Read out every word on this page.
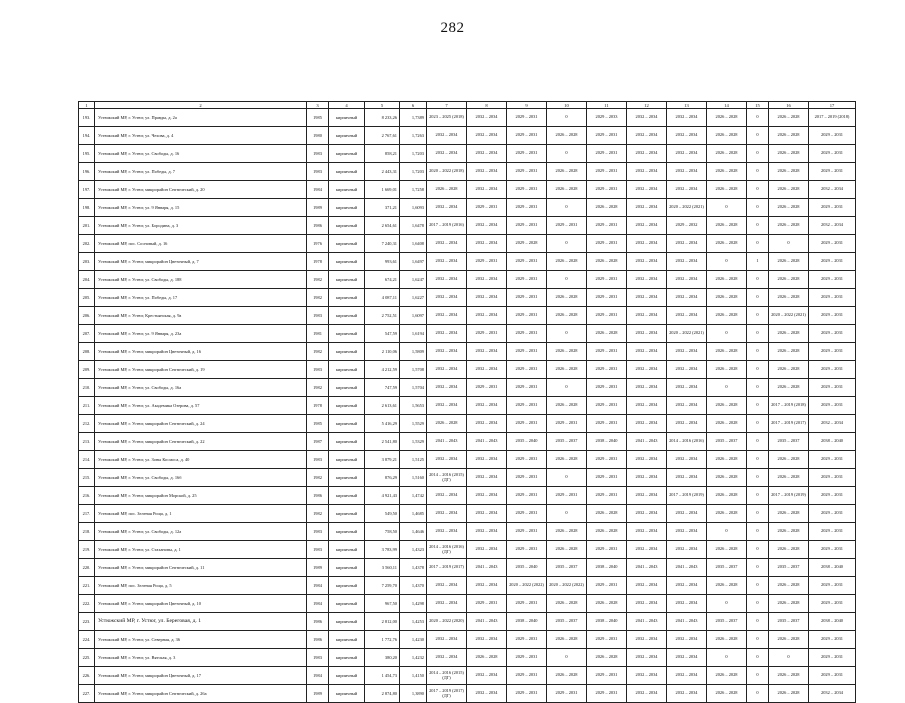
282
1	2	3	4	5	6	7	8	9	10	11	12	13	14	15	16	17
193.	Устюжский МР, г. Устюг, ул. Правды, д. 2а	1985	кирпичный	8 233,26	1,7389	2023 – 2025 (2018)	2032 – 2034	2029 – 2031	0	2029 – 2033	2032 – 2034	2032 – 2034	2026 – 2028	0	2026 – 2028	2017 – 2019 (2018)
194.	Устюжский МР, г. Устюг, ул. Чехова, д. 4	1980	кирпичный	2 767,61	1,7263	2032 – 2034	2032 – 2034	2029 – 2031	2026 – 2028	2029 – 2031	2032 – 2034	2032 – 2034	2026 – 2028	0	2026 – 2028	2029 – 2031
195.	Устюжский МР, г. Устюг, ул. Свободы, д. 16	1983	кирпичный	858,21	1,7203	2032 – 2034	2032 – 2034	2029 – 2031	0	2029 – 2031	2032 – 2034	2032 – 2034	2026 – 2028	0	2026 – 2028	2029 – 2031
196.	Устюжский МР, г. Устюг, ул. Победы, д. 7	1983	кирпичный	2 443,31	1,7203	2020 – 2022 (2018)	2032 – 2034	2029 – 2031	2026 – 2028	2029 – 2031	2032 – 2034	2032 – 2034	2026 – 2028	0	2026 – 2028	2029 – 2031
197.	Устюжский МР, г. Устюг, микрорайон Септический, д. 20	1984	кирпичный	1 669,01	1,7258	2026 – 2028	2032 – 2034	2029 – 2031	2026 – 2028	2029 – 2031	2032 – 2034	2032 – 2034	2026 – 2028	0	2026 – 2028	2032 – 2034
198.	Устюжский МР, г. Устюг, ул. 9 Января, д. 15	1989	кирпичный	371,21	1,6093	2032 – 2034	2029 – 2031	2029 – 2031	0	2026 – 2028	2032 – 2034	2020 – 2022 (2021)	0	0	2026 – 2028	2029 – 2031
201.	Устюжский МР, г. Устюг, ул. Бородина, д. 3	1986	кирпичный	2 654,61	1,6478	2017 – 2019 (2016)	2032 – 2034	2029 – 2031	2029 – 2031	2029 – 2031	2032 – 2034	2029 – 2032	2026 – 2028	0	2026 – 2028	2032 – 2034
202.	Устюжский МР, пос. Сосновый, д. 16	1976	кирпичный	7 240,31	1,6408	2032 – 2034	2032 – 2034	2029 – 2028	0	2029 – 2031	2032 – 2034	2032 – 2034	2026 – 2028	0	0	2029 – 2031
203.	Устюжский МР, г. Устюг, микрорайон Цветочный, д. 7	1978	кирпичный	993,61	1,6497	2032 – 2034	2029 – 2031	2029 – 2031	2026 – 2028	2026 – 2028	2032 – 2034	2032 – 2034	0	1	2026 – 2028	2029 – 2031
204.	Устюжский МР, г. Устюг, ул. Свободы, д. 188	1982	кирпичный	674,21	1,6247	2032 – 2034	2032 – 2034	2029 – 2031	0	2029 – 2031	2032 – 2034	2032 – 2034	2026 – 2028	0	2026 – 2028	2029 – 2031
205.	Устюжский МР, г. Устюг, ул. Победы, д. 17	1982	кирпичный	4 087,11	1,6227	2032 – 2034	2032 – 2034	2029 – 2031	2026 – 2028	2029 – 2031	2032 – 2034	2032 – 2034	2026 – 2028	0	2026 – 2028	2029 – 2031
206.	Устюжский МР, г. Устюг, Крестьянская, д. 9а	1983	кирпичный	2 752,51	1,6097	2032 – 2034	2032 – 2034	2029 – 2031	2026 – 2028	2029 – 2031	2032 – 2034	2032 – 2034	2026 – 2028	0	2020 – 2022 (2021)	2029 – 2031
207.	Устюжский МР, г. Устюг, ул. 9 Января, д. 23а	1981	кирпичный	547,59	1,6194	2032 – 2034	2029 – 2031	2029 – 2031	0	2026 – 2028	2032 – 2034	2020 – 2022 (2021)	0	0	2026 – 2028	2029 – 2031
208.	Устюжский МР, г. Устюг, микрорайон Цветочный, д. 16	1982	кирпичный	2 110,06	1,5809	2032 – 2034	2032 – 2034	2029 – 2031	2026 – 2028	2029 – 2031	2032 – 2034	2032 – 2034	2026 – 2028	0	2026 – 2028	2029 – 2031
209.	Устюжский МР, г. Устюг, микрорайон Септический, д. 19	1983	кирпичный	4 212,59	1,5708	2032 – 2034	2032 – 2034	2029 – 2031	2026 – 2028	2029 – 2031	2032 – 2034	2032 – 2034	2026 – 2028	0	2026 – 2028	2029 – 2031
210.	Устюжский МР, г. Устюг, ул. Свободы, д. 16а	1982	кирпичный	747,59	1,5704	2032 – 2034	2029 – 2031	2029 – 2031	0	2029 – 2031	2032 – 2034	2032 – 2034	0	0	2026 – 2028	2029 – 2031
211.	Устюжский МР, г. Устюг, ул. Академика Озерова, д. 57	1978	кирпичный	2 613,61	1,5653	2032 – 2034	2032 – 2034	2029 – 2031	2026 – 2028	2029 – 2031	2032 – 2034	2032 – 2034	2026 – 2028	0	2017 – 2019 (2018)	2029 – 2031
212.	Устюжский МР, г. Устюг, микрорайон Септический, д. 24	1985	кирпичный	5 416,29	1,5529	2026 – 2028	2032 – 2034	2029 – 2031	2029 – 2031	2029 – 2031	2032 – 2034	2032 – 2034	2026 – 2028	0	2017 – 2019 (2017)	2032 – 2034
213.	Устюжский МР, г. Устюг, микрорайон Септический, д. 22	1987	кирпичный	2 541,80	1,5329	2041 – 2043	2041 – 2043	2035 – 2040	2035 – 2037	2038 – 2040	2041 – 2043	2014 – 2016 (2016)	2035 – 2037	0	2035 – 2037	2038 – 2040
214.	Устюжский МР, г. Устюг, ул. Зоны Космоса, д. 40	1983	кирпичный	3 879,21	1,5125	2032 – 2034	2032 – 2034	2029 – 2031	2026 – 2028	2029 – 2031	2032 – 2034	2032 – 2034	2026 – 2028	0	2026 – 2028	2029 – 2031
215.	Устюжский МР, г. Устюг, ул. Свободы, д. 16б	1982	кирпичный	876,29	1,5160	2014 – 2016 (2015)(ДГ)	2032 – 2034	2029 – 2031	0	2029 – 2031	2032 – 2034	2032 – 2034	2026 – 2028	0	2026 – 2028	2029 – 2031
216.	Устюжский МР, г. Устюг, микрорайон Морской, д. 25	1986	кирпичный	4 921,43	1,4742	2032 – 2034	2032 – 2034	2029 – 2031	2029 – 2031	2029 – 2031	2032 – 2034	2017 – 2019 (2019)	2026 – 2028	0	2017 – 2019 (2019)	2029 – 2031
217.	Устюжский МР, пос. Зеленая Роща, д. 1	1982	кирпичный	549,50	1,4685	2032 – 2034	2032 – 2034	2029 – 2031	0	2026 – 2028	2032 – 2034	2032 – 2034	2026 – 2028	0	2026 – 2028	2029 – 2031
218.	Устюжский МР, г. Устюг, ул. Свободы, д. 12а	1983	кирпичный	758,50	1,4646	2032 – 2034	2032 – 2034	2029 – 2031	2026 – 2028	2026 – 2028	2032 – 2034	2032 – 2034	0	0	2026 – 2028	2029 – 2031
219.	Устюжский МР, г. Устюг, ул. Стахановы, д. 1	1983	кирпичный	3 783,99	1,4323	2014 – 2016 (2016)(ДГ)	2032 – 2034	2029 – 2031	2026 – 2028	2029 – 2031	2032 – 2034	2032 – 2034	2026 – 2028	0	2026 – 2028	2029 – 2031
220.	Устюжский МР, г. Устюг, микрорайон Септический, д. 11	1989	кирпичный	3 560,11	1,4378	2017 – 2019 (2017)	2041 – 2043	2035 – 2040	2035 – 2037	2038 – 2040	2041 – 2043	2041 – 2043	2035 – 2037	0	2035 – 2037	2038 – 2040
221.	Устюжский МР, пос. Зеленая Роща, д. 5	1984	кирпичный	7 259,70	1,4370	2032 – 2034	2032 – 2034	2020 – 2022 (2022)	2020 – 2022 (2022)	2029 – 2031	2032 – 2034	2032 – 2034	2026 – 2028	0	2026 – 2028	2029 – 2031
222.	Устюжский МР, г. Устюг, микрорайон Цветочный, д. 10	1984	кирпичный	967,50	1,4298	2032 – 2034	2029 – 2031	2029 – 2031	2026 – 2028	2026 – 2028	2032 – 2034	2032 – 2034	0	0	2026 – 2028	2029 – 2031
223.	Устюжский МР, г. Устюг, ул. Береговая, д. 1	1986	кирпичный	2 812,00	1,4253	2020 – 2022 (2020)	2041 – 2043	2038 – 2040	2035 – 2037	2038 – 2040	2041 – 2043	2041 – 2043	2035 – 2037	0	2035 – 2037	2038 – 2040
224.	Устюжский МР, г. Устюг, ул. Северная, д. 36	1986	кирпичный	1 772,76	1,4230	2032 – 2034	2032 – 2034	2029 – 2031	2026 – 2028	2029 – 2031	2032 – 2034	2032 – 2034	2026 – 2028	0	2026 – 2028	2029 – 2031
225.	Устюжский МР, г. Устюг, ул. Вятская, д. 3	1983	кирпичный	380,20	1,4232	2032 – 2034	2026 – 2028	2029 – 2031	0	2026 – 2028	2032 – 2034	2032 – 2034	0	0	0	2029 – 2031
226.	Устюжский МР, г. Устюг, микрорайон Цветочный, д. 17	1984	кирпичный	1 454,73	1,4150	2014 – 2016 (2015)(ДГ)	2032 – 2034	2029 – 2031	2026 – 2028	2029 – 2031	2032 – 2034	2032 – 2034	2026 – 2028	0	2026 – 2028	2029 – 2031
227.	Устюжский МР, г. Устюг, микрорайон Септический, д. 26а	1989	кирпичный	2 874,80	1,3890	2017 – 2019 (2017)(ДГ)	2032 – 2034	2029 – 2031	2029 – 2031	2029 – 2031	2032 – 2034	2032 – 2034	2026 – 2028	0	2026 – 2028	2032 – 2034
